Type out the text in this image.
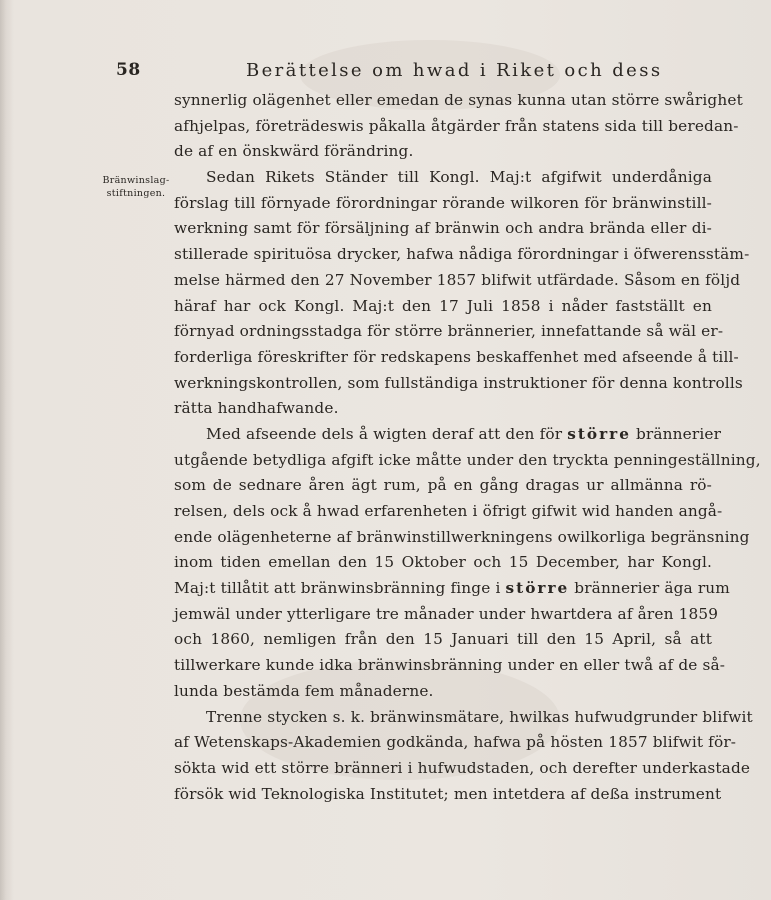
58	Berättelse om hwad i Riket och dess
Bränwinslag-
stiftningen.
synnerlig olägenhet eller emedan de synas kunna utan större swårighet
afhjelpas, företrädeswis påkalla åtgärder från statens sida till beredan-
de af en önskwärd förändring.
Sedan Rikets Ständer till Kongl. Maj:t afgifwit underdåniga
förslag till förnyade förordningar rörande wilkoren för bränwinstill-
werkning samt för försäljning af bränwin och andra brända eller di-
stillerade spirituösa drycker, hafwa nådiga förordningar i öfwerensstäm-
melse härmed den 27 November 1857 blifwit utfärdade. Såsom en följd
häraf har ock Kongl. Maj:t den 17 Juli 1858 i nåder fastställt en
förnyad ordningsstadga för större brännerier, innefattande så wäl er-
forderliga föreskrifter för redskapens beskaffenhet med afseende å till-
werkningskontrollen, som fullständiga instruktioner för denna kontrolls
rätta handhafwande.
Med afseende dels å wigten deraf att den för större brännerier
utgående betydliga afgift icke måtte under den tryckta penningeställning,
som de sednare åren ägt rum, på en gång dragas ur allmänna rö-
relsen, dels ock å hwad erfarenheten i öfrigt gifwit wid handen angå-
ende olägenheterne af bränwinstillwerkningens owilkorliga begränsning
inom tiden emellan den 15 Oktober och 15 December, har Kongl.
Maj:t tillåtit att bränwinsbränning finge i större brännerier äga rum
jemwäl under ytterligare tre månader under hwartdera af åren 1859
och 1860, nemligen från den 15 Januari till den 15 April, så att
tillwerkare kunde idka bränwinsbränning under en eller twå af de så-
lunda bestämda fem månaderne.
Trenne stycken s. k. bränwinsmätare, hwilkas hufwudgrunder blifwit
af Wetenskaps-Akademien godkända, hafwa på hösten 1857 blifwit för-
sökta wid ett större bränneri i hufwudstaden, och derefter underkastade
försök wid Teknologiska Institutet; men intetdera af deßa instrument
